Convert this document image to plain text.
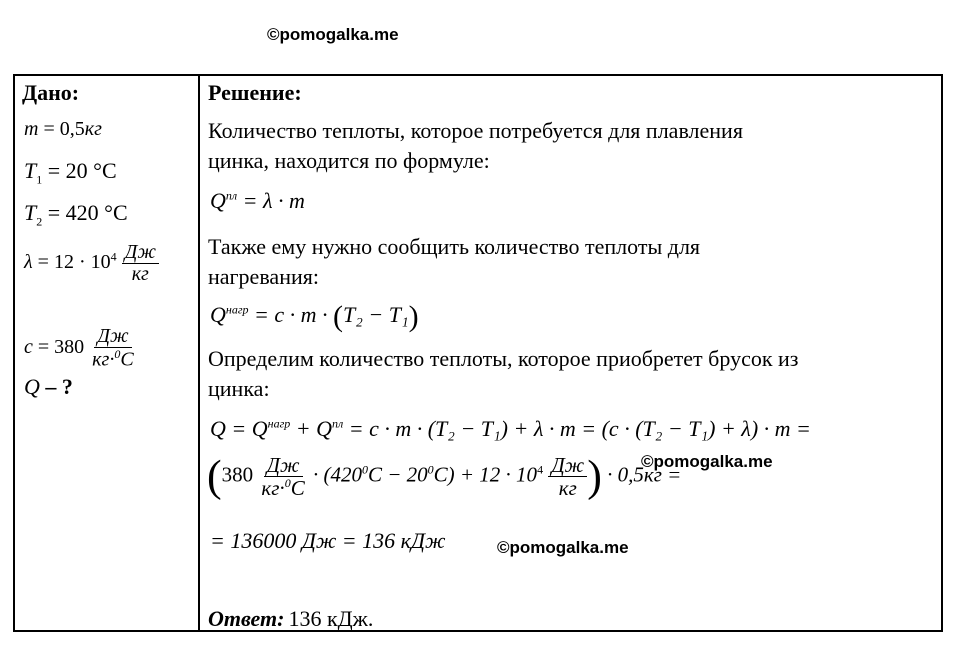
©pomogalka.me
Дано:
m = 0,5кг
$T_1 = 20$ °C
$T_2 = 420$ °C
$\lambda = 12 \cdot 10^4 \frac{Дж}{кг}$
$c = 380 \frac{Дж}{кг\cdot^0C}$
Q – ?
Решение:
Количество теплоты, которое потребуется для плавления
цинка, находится по формуле:
$Q^{пл} = \lambda \cdot m$
Также ему нужно сообщить количество теплоты для
нагревания:
$Q^{нагр} = c \cdot m \cdot (T_2 - T_1)$
Определим количество теплоты, которое приобретет брусок из
цинка:
$Q = Q^{нагр} + Q^{пл} = c \cdot m \cdot (T_2 - T_1) + \lambda \cdot m = (c \cdot (T_2 - T_1) + \lambda) \cdot m$ =
($380 \frac{Дж}{кг\cdot^0C} \cdot (420^0C - 20^0C) + 12 \cdot 10^4 \frac{Дж}{кг}$ ) · 0,5кг =
©pomogalka.me
= 136000 Дж = 136 кДж	©pomogalka.me
Ответ: 136 кДж.
